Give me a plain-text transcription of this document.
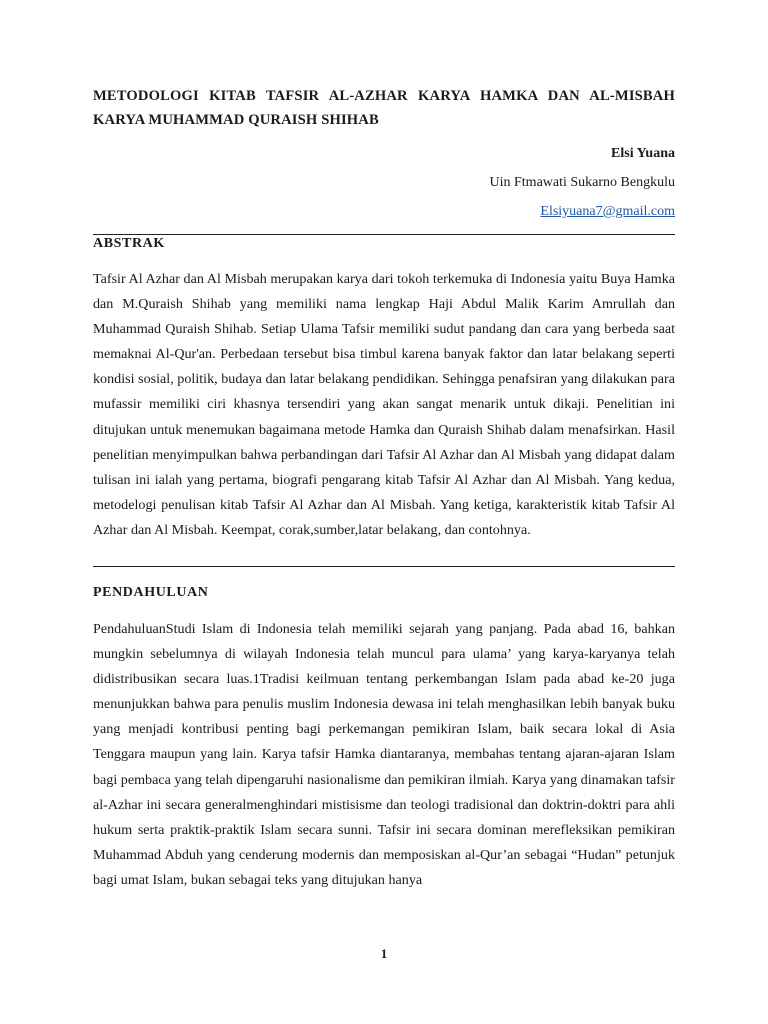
METODOLOGI KITAB TAFSIR AL-AZHAR KARYA HAMKA DAN AL-MISBAH
KARYA MUHAMMAD QURAISH SHIHAB
Elsi Yuana
Uin Ftmawati Sukarno Bengkulu
Elsiyuana7@gmail.com
ABSTRAK

Tafsir Al Azhar dan Al Misbah merupakan karya dari tokoh terkemuka di Indonesia yaitu Buya Hamka dan M.Quraish Shihab yang memiliki nama lengkap Haji Abdul Malik Karim Amrullah dan Muhammad Quraish Shihab. Setiap Ulama Tafsir memiliki sudut pandang dan cara yang berbeda saat memaknai Al-Qur'an. Perbedaan tersebut bisa timbul karena banyak faktor dan latar belakang seperti kondisi sosial, politik, budaya dan latar belakang pendidikan. Sehingga penafsiran yang dilakukan para mufassir memiliki ciri khasnya tersendiri yang akan sangat menarik untuk dikaji. Penelitian ini ditujukan untuk menemukan bagaimana metode Hamka dan Quraish Shihab dalam menafsirkan. Hasil penelitian menyimpulkan bahwa perbandingan dari Tafsir Al Azhar dan Al Misbah yang didapat dalam tulisan ini ialah yang pertama, biografi pengarang kitab Tafsir Al Azhar dan Al Misbah. Yang kedua, metodelogi penulisan kitab Tafsir Al Azhar dan Al Misbah. Yang ketiga, karakteristik kitab Tafsir Al Azhar dan Al Misbah. Keempat, corak,sumber,latar belakang, dan contohnya.

PENDAHULUAN

PendahuluanStudi Islam di Indonesia telah memiliki sejarah yang panjang. Pada abad 16, bahkan mungkin sebelumnya di wilayah Indonesia telah muncul para ulama’ yang karya-karyanya telah didistribusikan secara luas.1Tradisi keilmuan tentang perkembangan Islam pada abad ke-20 juga menunjukkan bahwa para penulis muslim Indonesia dewasa ini telah menghasilkan lebih banyak buku yang menjadi kontribusi penting bagi perkemangan pemikiran Islam, baik secara lokal di Asia Tenggara maupun yang lain. Karya tafsir Hamka diantaranya, membahas tentang ajaran-ajaran Islam bagi pembaca yang telah dipengaruhi nasionalisme dan pemikiran ilmiah. Karya yang dinamakan tafsir al-Azhar ini secara generalmenghindari mistisisme dan teologi tradisional dan doktrin-doktri para ahli hukum serta praktik-praktik Islam secara sunni. Tafsir ini secara dominan merefleksikan pemikiran Muhammad Abduh yang cenderung modernis dan memposiskan al-Qur’an sebagai “Hudan” petunjuk bagi umat Islam, bukan sebagai teks yang ditujukan hanya

1
